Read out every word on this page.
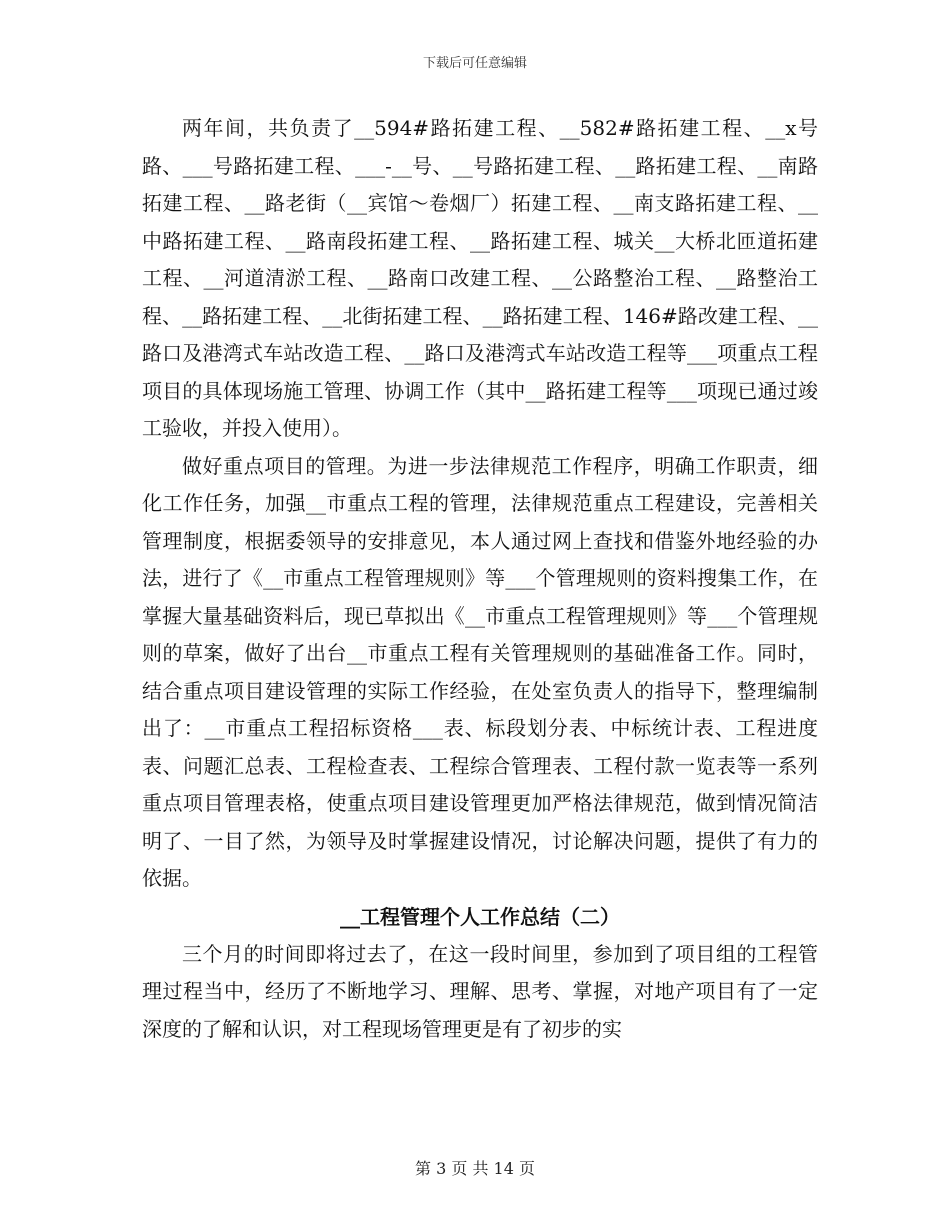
下载后可任意编辑

两年间，共负责了__594#路拓建工程、__582#路拓建工程、__x号路、___号路拓建工程、___-__号、__号路拓建工程、__路拓建工程、__南路拓建工程、__路老街（__宾馆～卷烟厂）拓建工程、__南支路拓建工程、__中路拓建工程、__路南段拓建工程、__路拓建工程、城关__大桥北匝道拓建工程、__河道清淤工程、__路南口改建工程、__公路整治工程、__路整治工程、__路拓建工程、__北街拓建工程、__路拓建工程、146#路改建工程、__路口及港湾式车站改造工程、__路口及港湾式车站改造工程等___项重点工程项目的具体现场施工管理、协调工作（其中__路拓建工程等___项现已通过竣工验收，并投入使用）。

做好重点项目的管理。为进一步法律规范工作程序，明确工作职责，细化工作任务，加强__市重点工程的管理，法律规范重点工程建设，完善相关管理制度，根据委领导的安排意见，本人通过网上查找和借鉴外地经验的办法，进行了《__市重点工程管理规则》等___个管理规则的资料搜集工作，在掌握大量基础资料后，现已草拟出《__市重点工程管理规则》等___个管理规则的草案，做好了出台__市重点工程有关管理规则的基础准备工作。同时，结合重点项目建设管理的实际工作经验，在处室负责人的指导下，整理编制出了：__市重点工程招标资格___表、标段划分表、中标统计表、工程进度表、问题汇总表、工程检查表、工程综合管理表、工程付款一览表等一系列重点项目管理表格，使重点项目建设管理更加严格法律规范，做到情况简洁明了、一目了然，为领导及时掌握建设情况，讨论解决问题，提供了有力的依据。

__工程管理个人工作总结（二）

三个月的时间即将过去了，在这一段时间里，参加到了项目组的工程管理过程当中，经历了不断地学习、理解、思考、掌握，对地产项目有了一定深度的了解和认识，对工程现场管理更是有了初步的实

第 3 页 共 14 页
